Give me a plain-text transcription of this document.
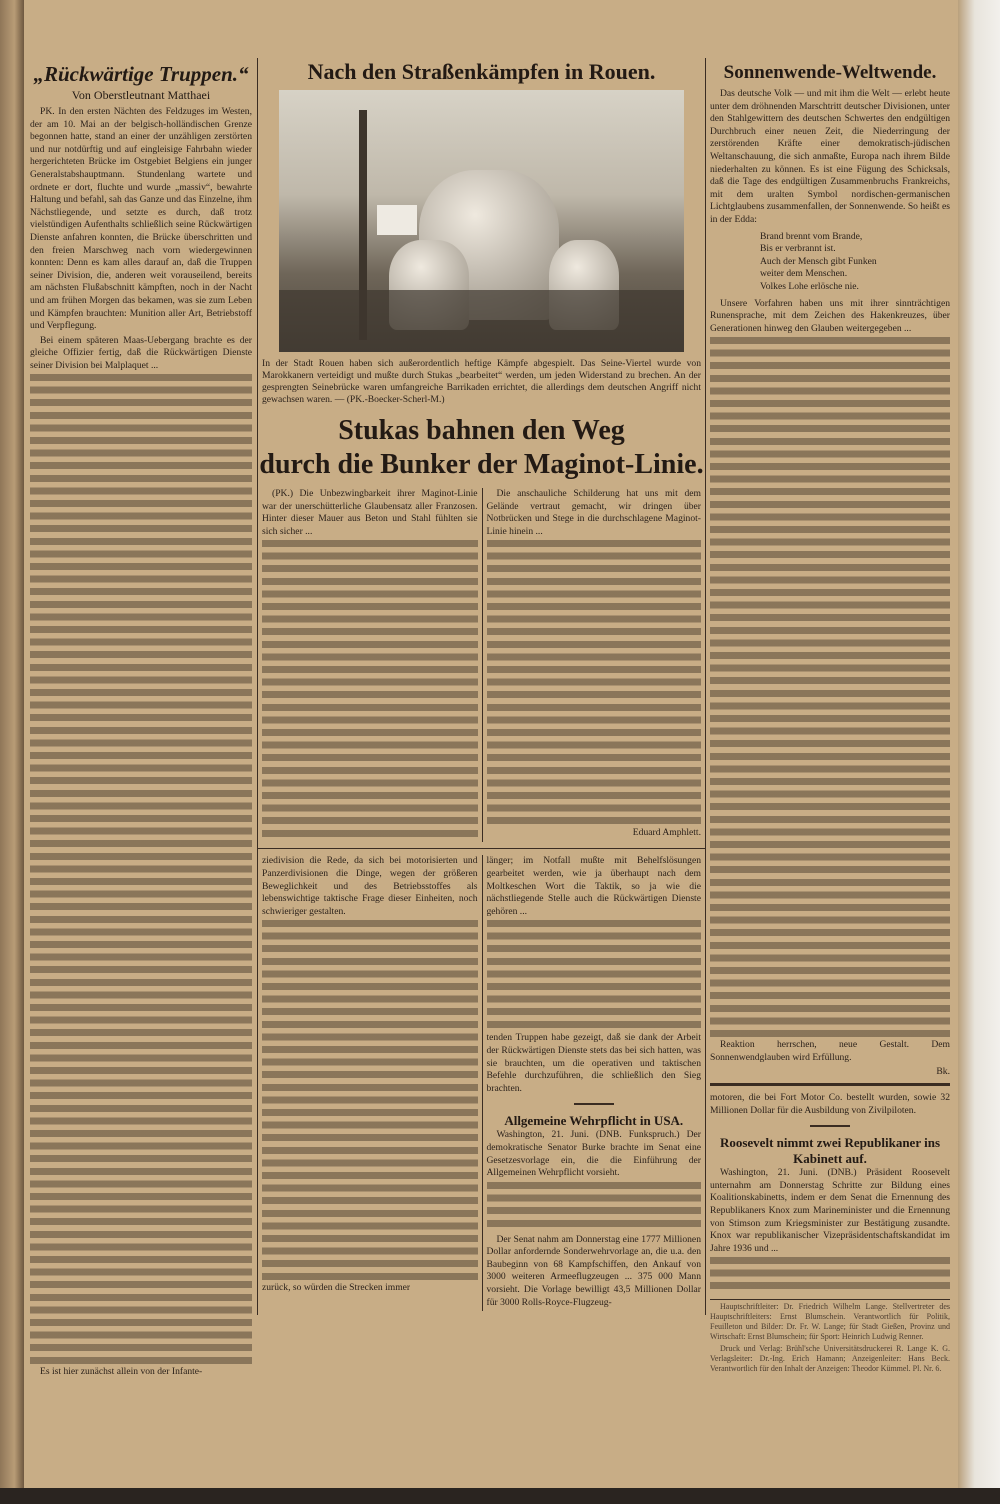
„Rückwärtige Truppen.“
Von Oberstleutnant Matthaei

PK. In den ersten Nächten des Feldzuges im Westen, der am 10. Mai an der belgisch-holländischen Grenze begonnen hatte, stand an einer der unzähligen zerstörten und nur notdürftig und auf eingleisige Fahrbahn wieder hergerichteten Brücke im Ostgebiet Belgiens ein junger Generalstabshauptmann. Stundenlang wartete und ordnete er dort, fluchte und wurde „massiv“, bewahrte Haltung und befahl, sah das Ganze und das Einzelne, ihm Nächstliegende, und setzte es durch, daß trotz vielstündigen Aufenthalts schließlich seine Rückwärtigen Dienste anfahren konnten, die Brücke überschritten und den freien Marschweg nach vorn wiedergewinnen konnten: Denn es kam alles darauf an, daß die Truppen seiner Division, die, anderen weit vorauseilend, bereits am nächsten Flußabschnitt kämpften, noch in der Nacht und am frühen Morgen das bekamen, was sie zum Leben und Kämpfen brauchten: Munition aller Art, Betriebstoff und Verpflegung.

Bei einem späteren Maas-Uebergang brachte es der gleiche Offizier fertig, daß die Rückwärtigen Dienste seiner Division bei Malplaquet ...

Es ist hier zunächst allein von der Infante-

Nach den Straßenkämpfen in Rouen.
In der Stadt Rouen haben sich außerordentlich heftige Kämpfe abgespielt. Das Seine-Viertel wurde von Marokkanern verteidigt und mußte durch Stukas „bearbeitet“ werden, um jeden Widerstand zu brechen. An der gesprengten Seinebrücke waren umfangreiche Barrikaden errichtet, die allerdings dem deutschen Angriff nicht gewachsen waren. — (PK.-Boecker-Scherl-M.)
Stukas bahnen den Weg
durch die Bunker der Maginot-Linie.

(PK.) Die Unbezwingbarkeit ihrer Maginot-Linie war der unerschütterliche Glaubensatz aller Franzosen. Hinter dieser Mauer aus Beton und Stahl fühlten sie sich sicher ...

Die anschauliche Schilderung hat uns mit dem Gelände vertraut gemacht, wir dringen über Notbrücken und Stege in die durchschlagene Maginot-Linie hinein ...

Eduard Amphlett.

ziedivision die Rede, da sich bei motorisierten und Panzerdivisionen die Dinge, wegen der größeren Beweglichkeit und des Betriebsstoffes als lebenswichtige taktische Frage dieser Einheiten, noch schwieriger gestalten.

zurück, so würden die Strecken immer

länger; im Notfall mußte mit Behelfslösungen gearbeitet werden, wie ja überhaupt nach dem Moltkeschen Wort die Taktik, so ja wie die nächstliegende Stelle auch die Rückwärtigen Dienste gehören ...

tenden Truppen habe gezeigt, daß sie dank der Arbeit der Rückwärtigen Dienste stets das bei sich hatten, was sie brauchten, um die operativen und taktischen Befehle durchzuführen, die schließlich den Sieg brachten.

Allgemeine Wehrpflicht in USA.

Washington, 21. Juni. (DNB. Funkspruch.) Der demokratische Senator Burke brachte im Senat eine Gesetzesvorlage ein, die die Einführung der Allgemeinen Wehrpflicht vorsieht.

Der Senat nahm am Donnerstag eine 1777 Millionen Dollar anfordernde Sonderwehrvorlage an, die u.a. den Baubeginn von 68 Kampfschiffen, den Ankauf von 3000 weiteren Armeeflugzeugen ... 375 000 Mann vorsieht. Die Vorlage bewilligt 43,5 Millionen Dollar für 3000 Rolls-Royce-Flugzeug-

Sonnenwende-Weltwende.

Das deutsche Volk — und mit ihm die Welt — erlebt heute unter dem dröhnenden Marschtritt deutscher Divisionen, unter den Stahlgewittern des deutschen Schwertes den endgültigen Durchbruch einer neuen Zeit, die Niederringung der zerstörenden Kräfte einer demokratisch-jüdischen Weltanschauung, die sich anmaßte, Europa nach ihrem Bilde niederhalten zu können. Es ist eine Fügung des Schicksals, daß die Tage des endgültigen Zusammenbruchs Frankreichs, mit dem uralten Symbol nordischen-germanischen Lichtglaubens zusammenfallen, der Sonnenwende. So heißt es in der Edda:

Brand brennt vom Brande,
Bis er verbrannt ist.
Auch der Mensch gibt Funken
weiter dem Menschen.
Volkes Lohe erlösche nie.

Unsere Vorfahren haben uns mit ihrer sinnträchtigen Runensprache, mit dem Zeichen des Hakenkreuzes, über Generationen hinweg den Glauben weitergegeben ...

Reaktion herrschen, neue Gestalt. Dem Sonnenwendglauben wird Erfüllung.

Bk.

motoren, die bei Fort Motor Co. bestellt wurden, sowie 32 Millionen Dollar für die Ausbildung von Zivilpiloten.

Roosevelt nimmt zwei Republikaner ins Kabinett auf.

Washington, 21. Juni. (DNB.) Präsident Roosevelt unternahm am Donnerstag Schritte zur Bildung eines Koalitionskabinetts, indem er dem Senat die Ernennung des Republikaners Knox zum Marineminister und die Ernennung von Stimson zum Kriegsminister zur Bestätigung zusandte. Knox war republikanischer Vizepräsidentschaftskandidat im Jahre 1936 und ...

Hauptschriftleiter: Dr. Friedrich Wilhelm Lange. Stellvertreter des Hauptschriftleiters: Ernst Blumschein. Verantwortlich für Politik, Feuilleton und Bilder: Dr. Fr. W. Lange; für Stadt Gießen, Provinz und Wirtschaft: Ernst Blumschein; für Sport: Heinrich Ludwig Renner.

Druck und Verlag: Brühl'sche Universitätsdruckerei R. Lange K. G. Verlagsleiter: Dr.-Ing. Erich Hamann; Anzeigenleiter: Hans Beck. Verantwortlich für den Inhalt der Anzeigen: Theodor Kümmel. Pl. Nr. 6.
